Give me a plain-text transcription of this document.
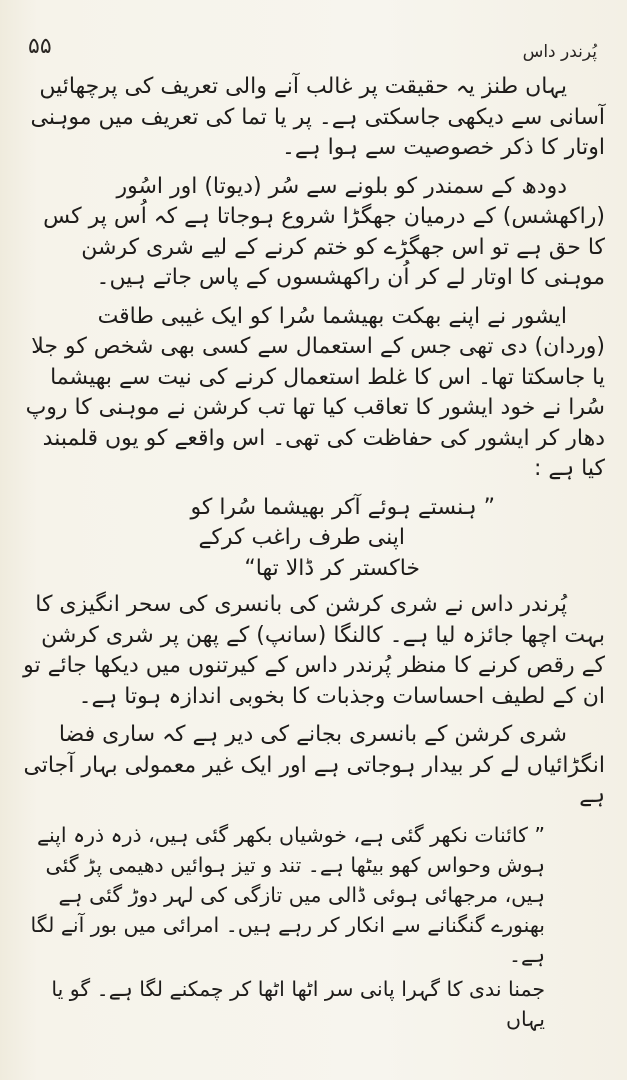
۵۵	پُرندر داس

یہاں طنز یہ حقیقت پر غالب آنے والی تعریف کی پرچھائیں آسانی سے دیکھی جاسکتی ہے۔ پر یا تما کی تعریف میں موہنی اوتار کا ذکر خصوصیت سے ہوا ہے۔

دودھ کے سمندر کو بلونے سے سُر (دیوتا) اور اسُور (راکھشس) کے درمیان جھگڑا شروع ہوجاتا ہے کہ اُس پر کس کا حق ہے تو اس جھگڑے کو ختم کرنے کے لیے شری کرشن موہنی کا اوتار لے کر اُن راکھشسوں کے پاس جاتے ہیں۔

ایشور نے اپنے بھکت بھیشما سُرا کو ایک غیبی طاقت (وردان) دی تھی جس کے استعمال سے کسی بھی شخص کو جلا یا جاسکتا تھا۔ اس کا غلط استعمال کرنے کی نیت سے بھیشما سُرا نے خود ایشور کا تعاقب کیا تھا تب کرشن نے موہنی کا روپ دھار کر ایشور کی حفاظت کی تھی۔ اس واقعے کو یوں قلمبند کیا ہے :

” ہنستے ہوئے آکر بھیشما سُرا کو

اپنی طرف راغب کرکے

خاکستر کر ڈالا تھا“

پُرندر داس نے شری کرشن کی بانسری کی سحر انگیزی کا بہت اچھا جائزہ لیا ہے۔ کالنگا (سانپ) کے پھن پر شری کرشن کے رقص کرنے کا منظر پُرندر داس کے کیرتنوں میں دیکھا جائے تو ان کے لطیف احساسات وجذبات کا بخوبی اندازہ ہوتا ہے۔

شری کرشن کے بانسری بجانے کی دیر ہے کہ ساری فضا انگڑائیاں لے کر بیدار ہوجاتی ہے اور ایک غیر معمولی بہار آجاتی ہے

” کائنات نکھر گئی ہے، خوشیاں بکھر گئی ہیں، ذرہ ذرہ اپنے ہوش وحواس کھو بیٹھا ہے۔ تند و تیز ہوائیں دھیمی پڑ گئی ہیں، مرجھائی ہوئی ڈالی میں تازگی کی لہر دوڑ گئی ہے بھنورے گنگنانے سے انکار کر رہے ہیں۔ امرائی میں بور آنے لگا ہے۔

جمنا ندی کا گہرا پانی سر اٹھا اٹھا کر چمکنے لگا ہے۔ گو یا یہاں
